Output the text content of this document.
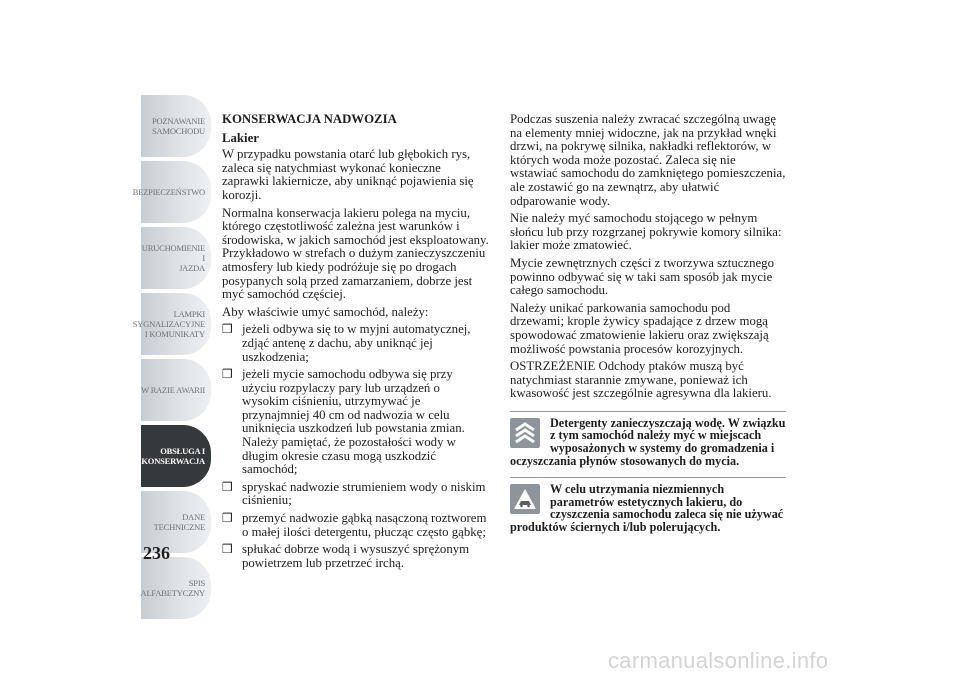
POZNAWANIE
SAMOCHODU
BEZPIECZEŃSTWO
URUCHOMIENIE I
JAZDA
LAMPKI
SYGNALIZACYJNE
I KOMUNIKATY
W RAZIE AWARII
OBSŁUGA I
KONSERWACJA
DANE
TECHNICZNE
SPIS
ALFABETYCZNY
236
KONSERWACJA NADWOZIA
Lakier

W przypadku powstania otarć lub głębokich rys, zaleca się natychmiast wykonać konieczne zaprawki lakiernicze, aby uniknąć pojawienia się korozji.

Normalna konserwacja lakieru polega na myciu, którego częstotliwość zależna jest warunków i środowiska, w jakich samochód jest eksploatowany. Przykładowo w strefach o dużym zanieczyszczeniu atmosfery lub kiedy podróżuje się po drogach posypanych solą przed zamarzaniem, dobrze jest myć samochód częściej.

Aby właściwie umyć samochód, należy:

❒ jeżeli odbywa się to w myjni automatycznej, zdjąć antenę z dachu, aby uniknąć jej uszkodzenia;
❒ jeżeli mycie samochodu odbywa się przy użyciu rozpylaczy pary lub urządzeń o wysokim ciśnieniu, utrzymywać je przynajmniej 40 cm od nadwozia w celu uniknięcia uszkodzeń lub powstania zmian. Należy pamiętać, że pozostałości wody w długim okresie czasu mogą uszkodzić samochód;
❒ spryskać nadwozie strumieniem wody o niskim ciśnieniu;
❒ przemyć nadwozie gąbką nasączoną roztworem o małej ilości detergentu, płucząc często gąbkę;
❒ spłukać dobrze wodą i wysuszyć sprężonym powietrzem lub przetrzeć irchą.

Podczas suszenia należy zwracać szczególną uwagę na elementy mniej widoczne, jak na przykład wnęki drzwi, na pokrywę silnika, nakładki reflektorów, w których woda może pozostać. Zaleca się nie wstawiać samochodu do zamkniętego pomieszczenia, ale zostawić go na zewnątrz, aby ułatwić odparowanie wody.

Nie należy myć samochodu stojącego w pełnym słońcu lub przy rozgrzanej pokrywie komory silnika: lakier może zmatowieć.

Mycie zewnętrznych części z tworzywa sztucznego powinno odbywać się w taki sam sposób jak mycie całego samochodu.

Należy unikać parkowania samochodu pod drzewami; krople żywicy spadające z drzew mogą spowodować zmatowienie lakieru oraz zwiększają możliwość powstania procesów korozyjnych.

OSTRZEŻENIE Odchody ptaków muszą być natychmiast starannie zmywane, ponieważ ich kwasowość jest szczególnie agresywna dla lakieru.

Detergenty zanieczyszczają wodę. W związku z tym samochód należy myć w miejscach wyposażonych w systemy do gromadzenia i oczyszczania płynów stosowanych do mycia.
W celu utrzymania niezmiennych parametrów estetycznych lakieru, do czyszczenia samochodu zaleca się nie używać produktów ściernych i/lub polerujących.
carmanualsonline.info
